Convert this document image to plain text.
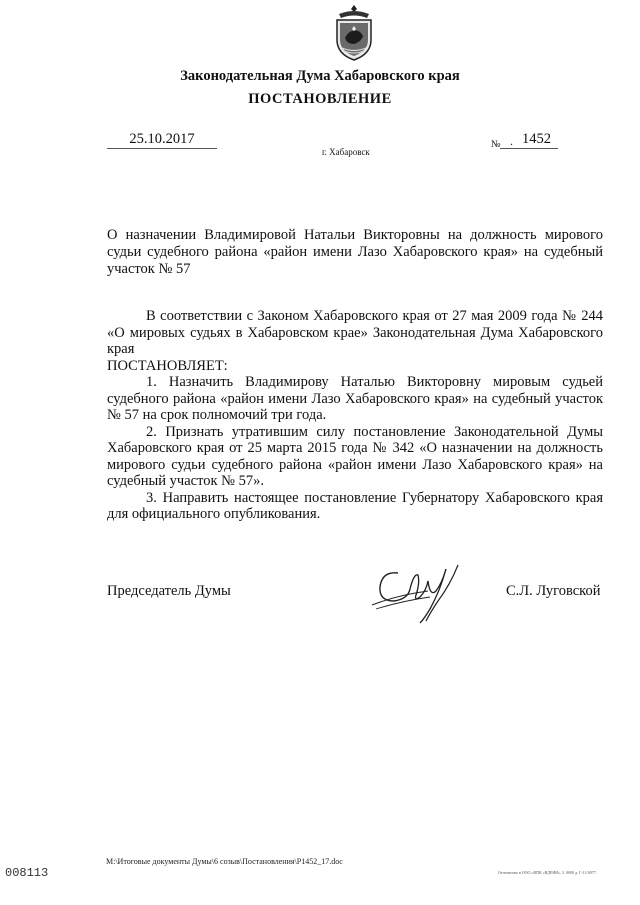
Законодательная Дума Хабаровского края
ПОСТАНОВЛЕНИЕ
25.10.2017
г. Хабаровск
№ . 1452
О назначении Владимировой Натальи Викторовны на должность мирового судьи судебного района «район имени Лазо Хабаровского края» на судебный участок № 57

В соответствии с Законом Хабаровского края от 27 мая 2009 года № 244 «О мировых судьях в Хабаровском крае» Законодательная Дума Хабаровского края

ПОСТАНОВЛЯЕТ:

1. Назначить Владимирову Наталью Викторовну мировым судьей судебного района «район имени Лазо Хабаровского края» на судебный участок № 57 на срок полномочий три года.

2. Признать утратившим силу постановление Законодательной Думы Хабаровского края от 25 марта 2015 года № 342 «О назначении на должность мирового судьи судебного района «район имени Лазо Хабаровского края» на судебный участок № 57».

3. Направить настоящее постановление Губернатору Хабаровского края для официального опубликования.

Председатель Думы	С.Л. Луговской
008113
M:\Итоговые документы Думы\6 созыв\Постановления\Р1452_17.doc
Отпечатано в ООО «ВПК «ВДЕНИ», 3. 0000 д. Г-11/0077.
